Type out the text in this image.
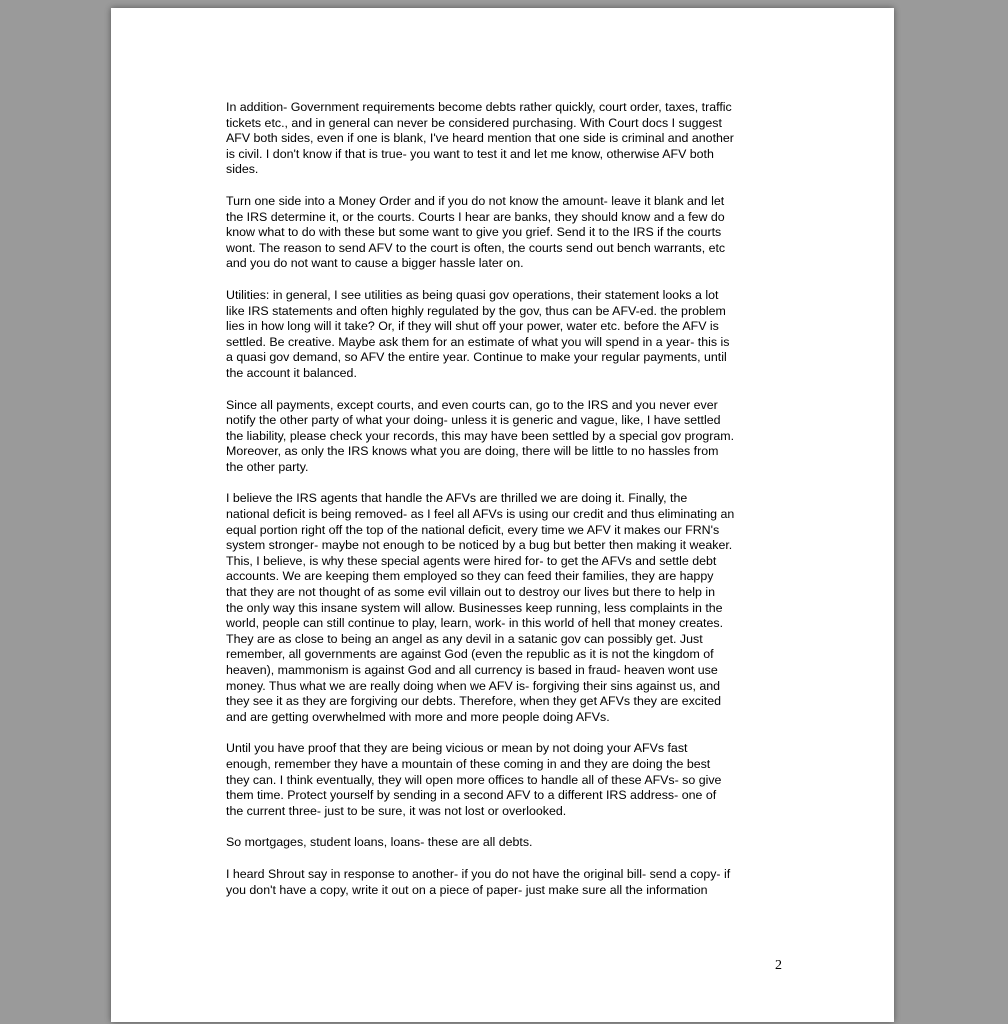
In addition- Government requirements become debts rather quickly, court order, taxes, traffic
tickets etc., and in general can never be considered purchasing. With Court docs I suggest
AFV both sides, even if one is blank, I've heard mention that one side is criminal and another
is civil. I don't know if that is true- you want to test it and let me know, otherwise AFV both
sides.

Turn one side into a Money Order and if you do not know the amount- leave it blank and let
the IRS determine it, or the courts. Courts I hear are banks, they should know and a few do
know what to do with these but some want to give you grief. Send it to the IRS if the courts
wont. The reason to send AFV to the court is often, the courts send out bench warrants, etc
and you do not want to cause a bigger hassle later on.

Utilities: in general, I see utilities as being quasi gov operations, their statement looks a lot
like IRS statements and often highly regulated by the gov, thus can be AFV-ed. the problem
lies in how long will it take? Or, if they will shut off your power, water etc. before the AFV is
settled. Be creative. Maybe ask them for an estimate of what you will spend in a year- this is
a quasi gov demand, so AFV the entire year. Continue to make your regular payments, until
the account it balanced.

Since all payments, except courts, and even courts can, go to the IRS and you never ever
notify the other party of what your doing- unless it is generic and vague, like, I have settled
the liability, please check your records, this may have been settled by a special gov program.
Moreover, as only the IRS knows what you are doing, there will be little to no hassles from
the other party.

I believe the IRS agents that handle the AFVs are thrilled we are doing it. Finally, the
national deficit is being removed- as I feel all AFVs is using our credit and thus eliminating an
equal portion right off the top of the national deficit, every time we AFV it makes our FRN's
system stronger- maybe not enough to be noticed by a bug but better then making it weaker.
This, I believe, is why these special agents were hired for- to get the AFVs and settle debt
accounts. We are keeping them employed so they can feed their families, they are happy
that they are not thought of as some evil villain out to destroy our lives but there to help in
the only way this insane system will allow. Businesses keep running, less complaints in the
world, people can still continue to play, learn, work- in this world of hell that money creates.
They are as close to being an angel as any devil in a satanic gov can possibly get. Just
remember, all governments are against God (even the republic as it is not the kingdom of
heaven), mammonism is against God and all currency is based in fraud- heaven wont use
money. Thus what we are really doing when we AFV is- forgiving their sins against us, and
they see it as they are forgiving our debts. Therefore, when they get AFVs they are excited
and are getting overwhelmed with more and more people doing AFVs.

Until you have proof that they are being vicious or mean by not doing your AFVs fast
enough, remember they have a mountain of these coming in and they are doing the best
they can. I think eventually, they will open more offices to handle all of these AFVs- so give
them time. Protect yourself by sending in a second AFV to a different IRS address- one of
the current three- just to be sure, it was not lost or overlooked.

So mortgages, student loans, loans- these are all debts.

I heard Shrout say in response to another- if you do not have the original bill- send a copy- if
you don't have a copy, write it out on a piece of paper- just make sure all the information

2
